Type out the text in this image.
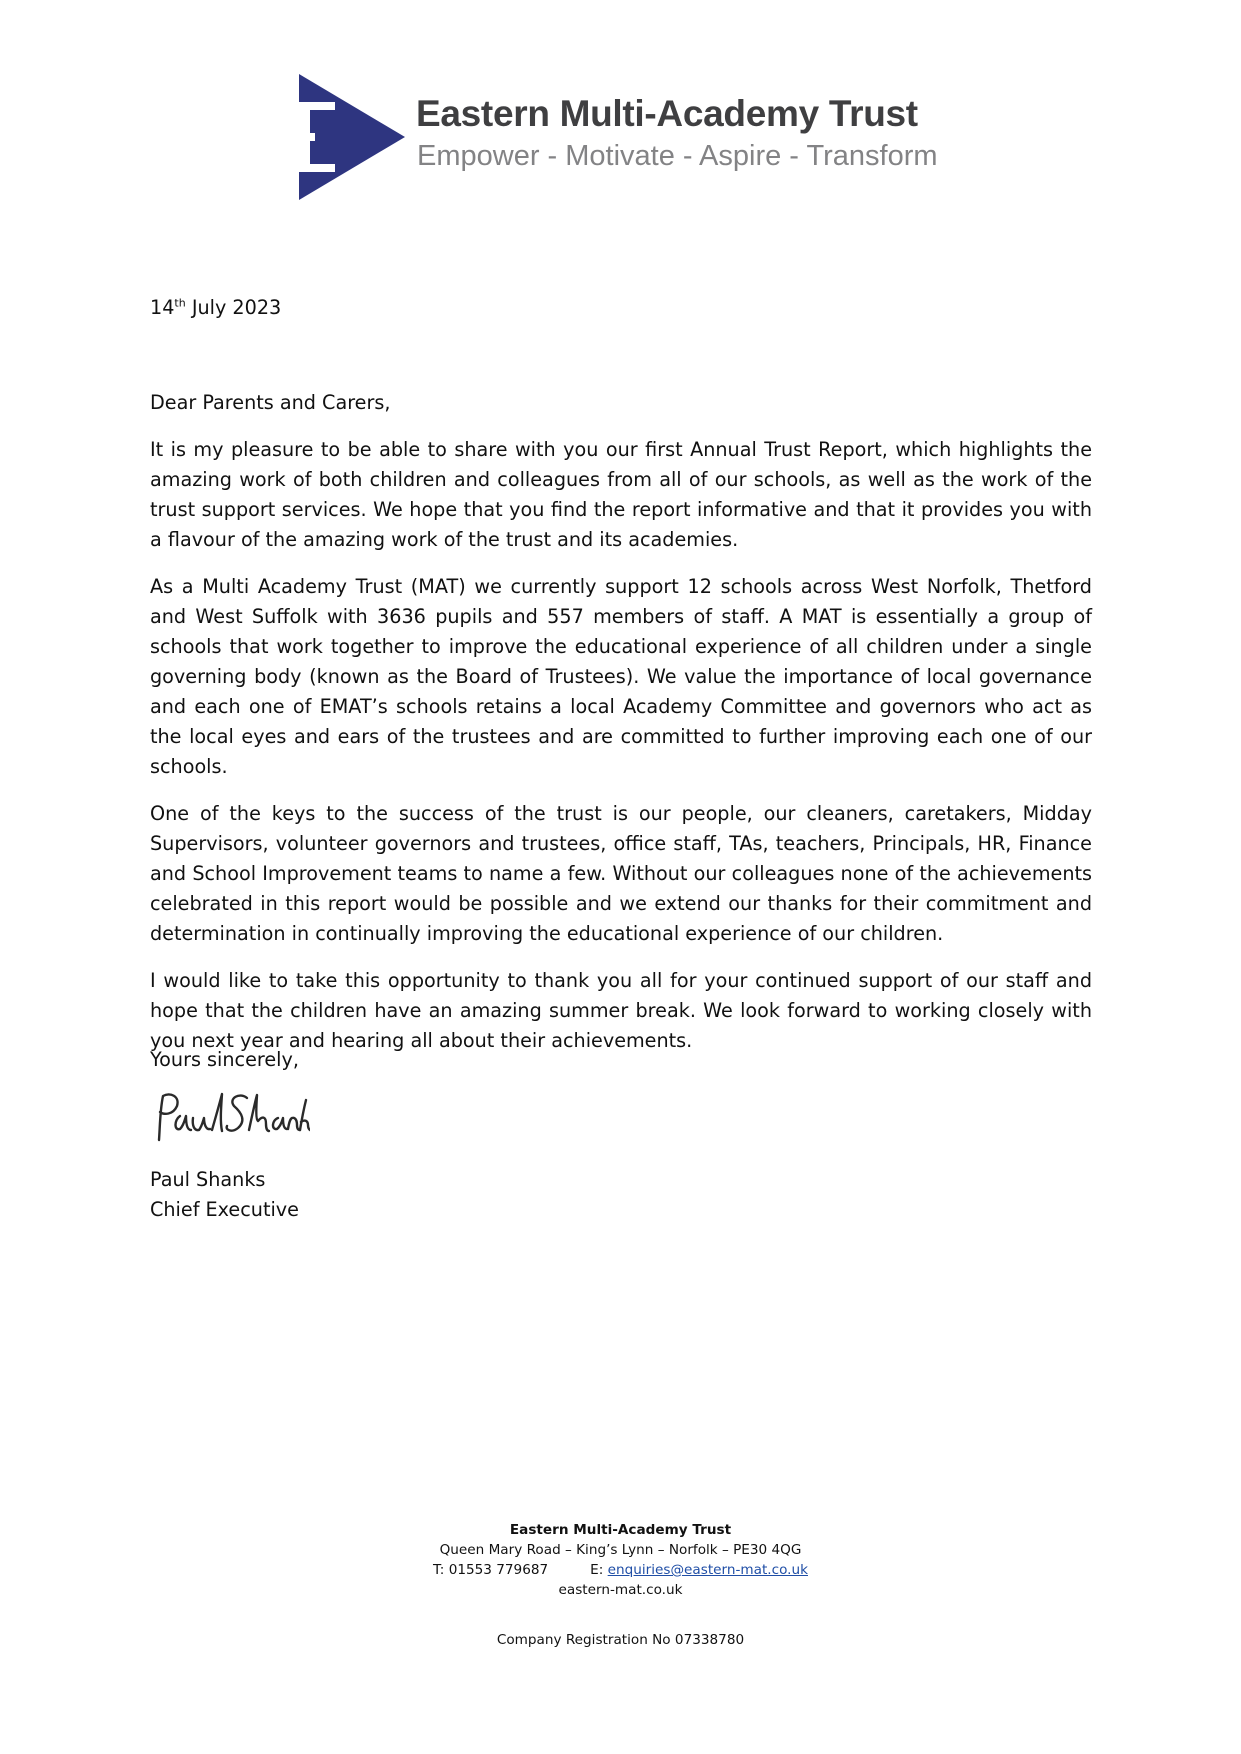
Eastern Multi-Academy Trust
Empower - Motivate - Aspire - Transform
14th July 2023
Dear Parents and Carers,

It is my pleasure to be able to share with you our first Annual Trust Report, which highlights the amazing work of both children and colleagues from all of our schools, as well as the work of the trust support services. We hope that you find the report informative and that it provides you with a flavour of the amazing work of the trust and its academies.

As a Multi Academy Trust (MAT) we currently support 12 schools across West Norfolk, Thetford and West Suffolk with 3636 pupils and 557 members of staff. A MAT is essentially a group of schools that work together to improve the educational experience of all children under a single governing body (known as the Board of Trustees). We value the importance of local governance and each one of EMAT’s schools retains a local Academy Committee and governors who act as the local eyes and ears of the trustees and are committed to further improving each one of our schools.

One of the keys to the success of the trust is our people, our cleaners, caretakers, Midday Supervisors, volunteer governors and trustees, office staff, TAs, teachers, Principals, HR, Finance and School Improvement teams to name a few. Without our colleagues none of the achievements celebrated in this report would be possible and we extend our thanks for their commitment and determination in continually improving the educational experience of our children.

I would like to take this opportunity to thank you all for your continued support of our staff and hope that the children have an amazing summer break. We look forward to working closely with you next year and hearing all about their achievements.

Yours sincerely,
Paul Shanks
Chief Executive
Eastern Multi-Academy Trust
Queen Mary Road – King’s Lynn – Norfolk – PE30 4QG
T: 01553 779687	E: enquiries@eastern-mat.co.uk
eastern-mat.co.uk
Company Registration No 07338780
